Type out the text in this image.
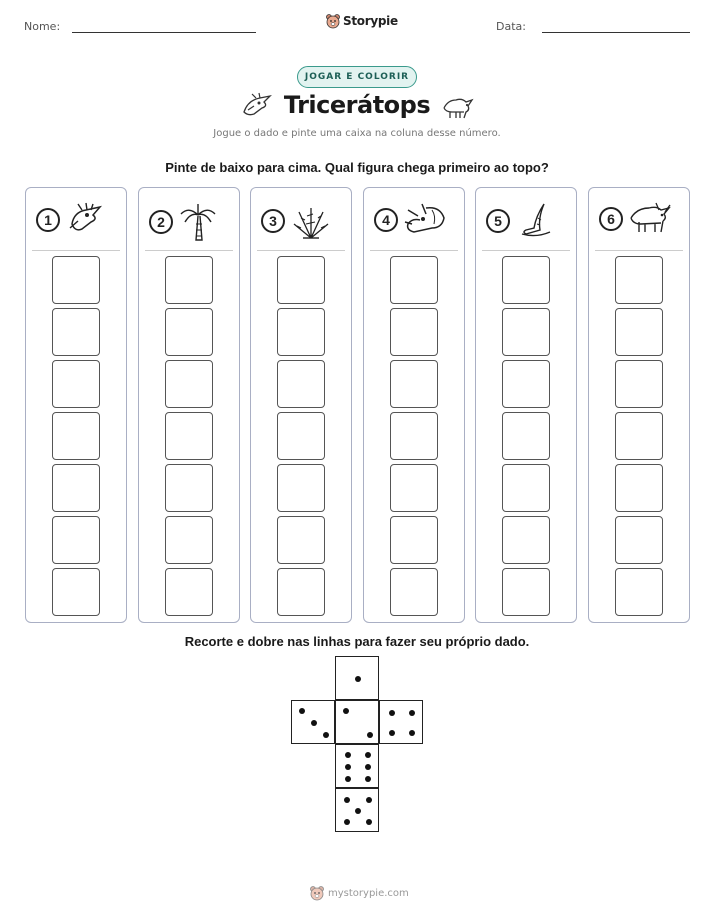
Nome:	Storypie	Data:
JOGAR E COLORIR
Tricerátops
Jogue o dado e pinte uma caixa na coluna desse número.
Pinte de baixo para cima. Qual figura chega primeiro ao topo?
1	2	3	4	5	6
Recorte e dobre nas linhas para fazer seu próprio dado.
mystorypie.com
